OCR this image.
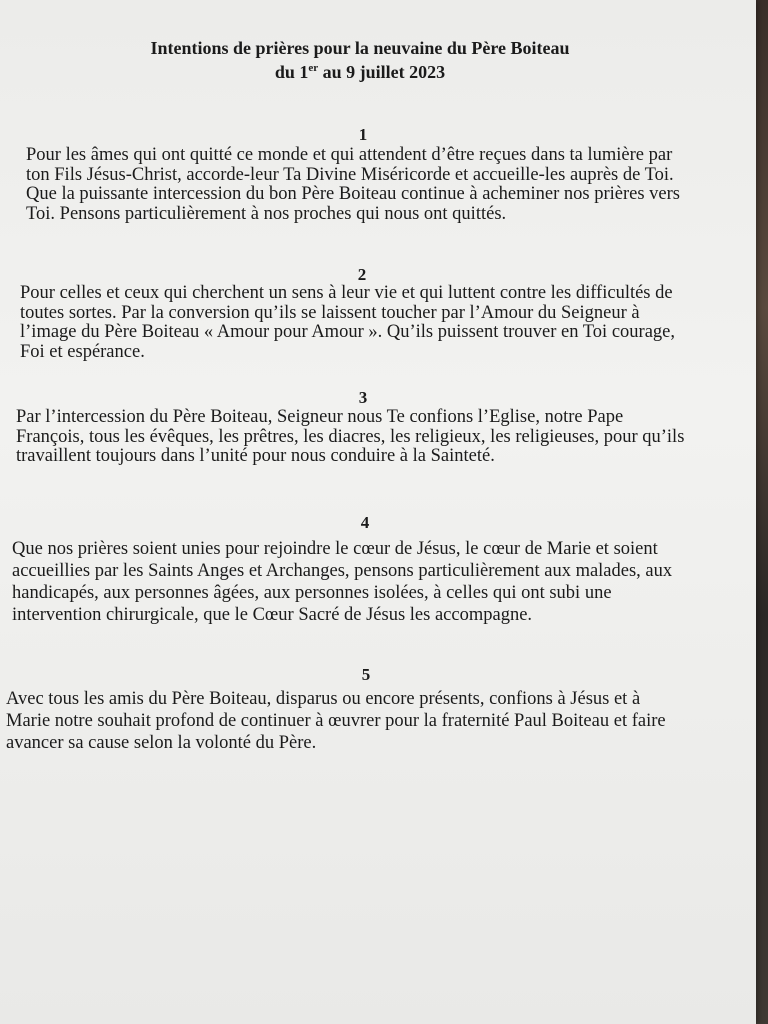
Intentions de prières pour la neuvaine du Père Boiteau
du 1er au 9 juillet 2023
1
Pour les âmes qui ont quitté ce monde et qui attendent d’être reçues dans ta lumière par
ton Fils Jésus-Christ, accorde-leur Ta Divine Miséricorde et accueille-les auprès de Toi.
Que la puissante intercession du bon Père Boiteau continue à acheminer nos prières vers
Toi. Pensons particulièrement à nos proches qui nous ont quittés.
2
Pour celles et ceux qui cherchent un sens à leur vie et qui luttent contre les difficultés de
toutes sortes. Par la conversion qu’ils se laissent toucher par l’Amour du Seigneur à
l’image du Père Boiteau « Amour pour Amour ». Qu’ils puissent trouver en Toi courage,
Foi et espérance.
3
Par l’intercession du Père Boiteau, Seigneur nous Te confions l’Eglise, notre Pape
François, tous les évêques, les prêtres, les diacres, les religieux, les religieuses, pour qu’ils
travaillent toujours dans l’unité pour nous conduire à la Sainteté.
4
Que nos prières soient unies pour rejoindre le cœur de Jésus, le cœur de Marie et soient
accueillies par les Saints Anges et Archanges, pensons particulièrement aux malades, aux
handicapés, aux personnes âgées, aux personnes isolées, à celles qui ont subi une
intervention chirurgicale, que le Cœur Sacré de Jésus les accompagne.
5
Avec tous les amis du Père Boiteau, disparus ou encore présents, confions à Jésus et à
Marie notre souhait profond de continuer à œuvrer pour la fraternité Paul Boiteau et faire
avancer sa cause selon la volonté du Père.
